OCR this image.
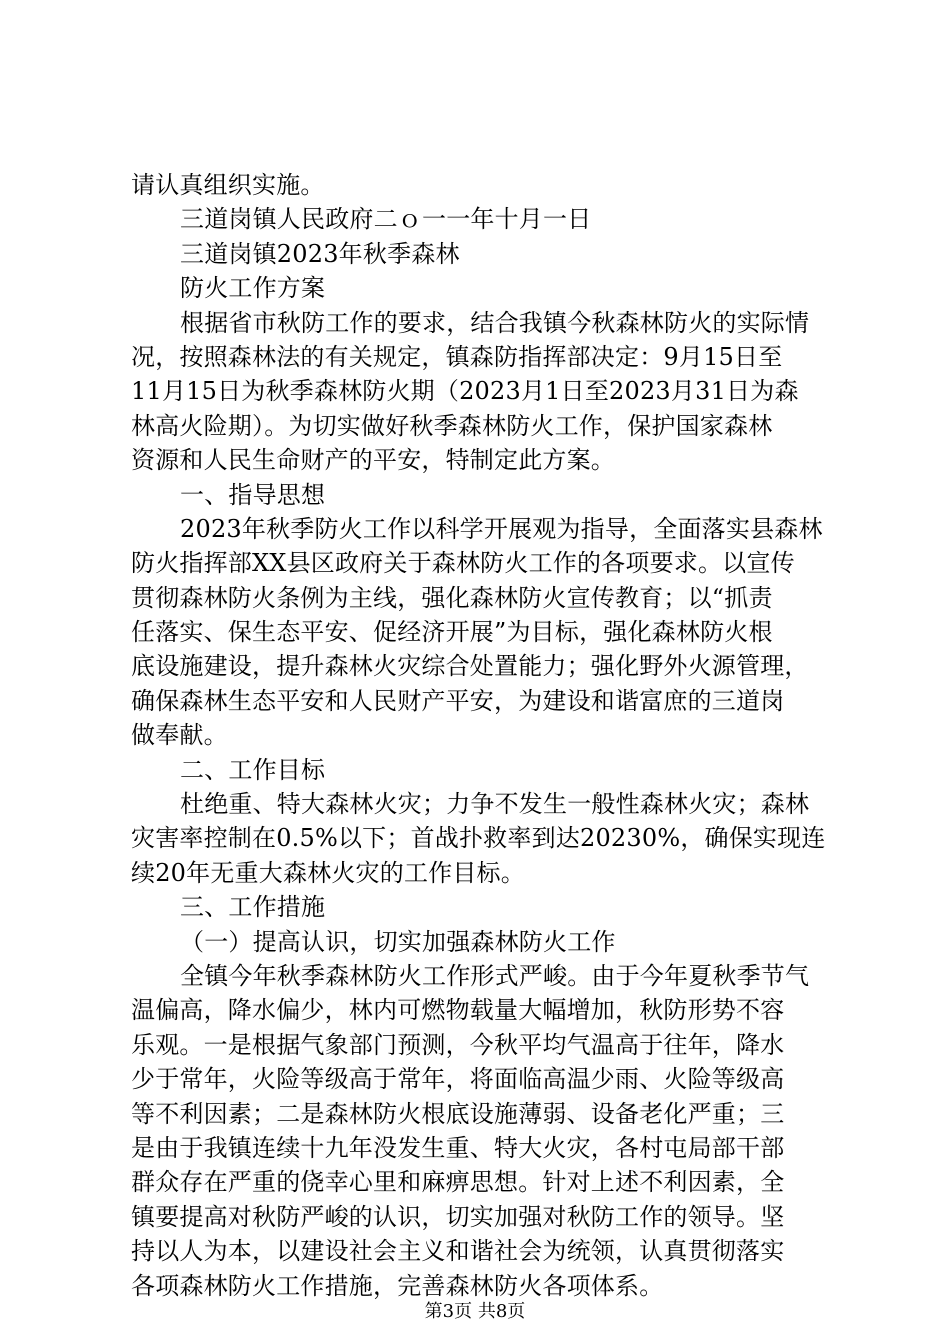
请认真组织实施。
三道岗镇人民政府二ｏ一一年十月一日
三道岗镇2023年秋季森林
防火工作方案
根据省市秋防工作的要求，结合我镇今秋森林防火的实际情
况，按照森林法的有关规定，镇森防指挥部决定：9月15日至
11月15日为秋季森林防火期（2023月1日至2023月31日为森
林高火险期）。为切实做好秋季森林防火工作，保护国家森林
资源和人民生命财产的平安，特制定此方案。
一、指导思想
2023年秋季防火工作以科学开展观为指导，全面落实县森林
防火指挥部XX县区政府关于森林防火工作的各项要求。以宣传
贯彻森林防火条例为主线，强化森林防火宣传教育；以“抓责
任落实、保生态平安、促经济开展”为目标，强化森林防火根
底设施建设，提升森林火灾综合处置能力；强化野外火源管理，
确保森林生态平安和人民财产平安，为建设和谐富庶的三道岗
做奉献。
二、工作目标
杜绝重、特大森林火灾；力争不发生一般性森林火灾；森林
灾害率控制在0.5%以下；首战扑救率到达20230%，确保实现连
续20年无重大森林火灾的工作目标。
三、工作措施
（一）提高认识，切实加强森林防火工作
全镇今年秋季森林防火工作形式严峻。由于今年夏秋季节气
温偏高，降水偏少，林内可燃物载量大幅增加，秋防形势不容
乐观。一是根据气象部门预测，今秋平均气温高于往年，降水
少于常年，火险等级高于常年，将面临高温少雨、火险等级高
等不利因素；二是森林防火根底设施薄弱、设备老化严重；三
是由于我镇连续十九年没发生重、特大火灾，各村屯局部干部
群众存在严重的侥幸心里和麻痹思想。针对上述不利因素，全
镇要提高对秋防严峻的认识，切实加强对秋防工作的领导。坚
持以人为本，以建设社会主义和谐社会为统领，认真贯彻落实
各项森林防火工作措施，完善森林防火各项体系。
第3页 共8页
